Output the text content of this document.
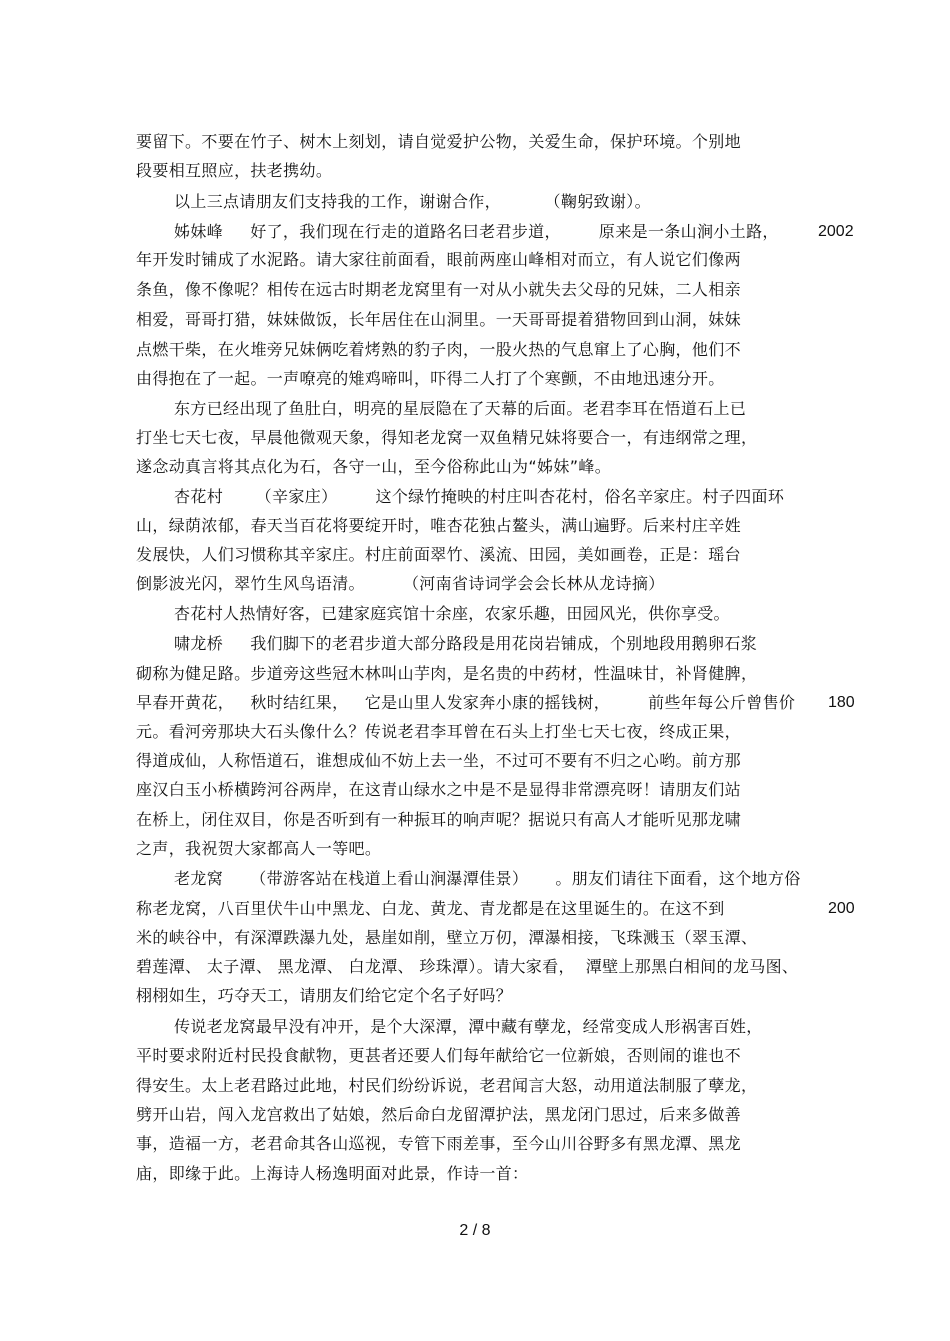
要留下。不要在竹子、树木上刻划，请自觉爱护公物，关爱生命，保护环境。个别地
段要相互照应，扶老携幼。
以上三点请朋友们支持我的工作，谢谢合作，        （鞠躬致谢）。
姊妹峰     好了，我们现在行走的道路名曰老君步道，       原来是一条山涧小土路， 2002
年开发时铺成了水泥路。请大家往前面看，眼前两座山峰相对而立，有人说它们像两
条鱼，像不像呢？相传在远古时期老龙窝里有一对从小就失去父母的兄妹，二人相亲
相爱，哥哥打猎，妹妹做饭，长年居住在山洞里。一天哥哥提着猎物回到山洞，妹妹
点燃干柴，在火堆旁兄妹俩吃着烤熟的豹子肉，一股火热的气息窜上了心胸，他们不
由得抱在了一起。一声嘹亮的雉鸡啼叫，吓得二人打了个寒颤，不由地迅速分开。
东方已经出现了鱼肚白，明亮的星辰隐在了天幕的后面。老君李耳在悟道石上已
打坐七天七夜，早晨他微观天象，得知老龙窝一双鱼精兄妹将要合一，有违纲常之理，
遂念动真言将其点化为石，各守一山，至今俗称此山为“姊妹”峰。
杏花村      （辛家庄）       这个绿竹掩映的村庄叫杏花村，俗名辛家庄。村子四面环
山，绿荫浓郁，春天当百花将要绽开时，唯杏花独占鳌头，满山遍野。后来村庄辛姓
发展快，人们习惯称其辛家庄。村庄前面翠竹、溪流、田园，美如画卷，正是：瑶台
倒影波光闪，翠竹生风鸟语清。       （河南省诗词学会会长林从龙诗摘）
杏花村人热情好客，已建家庭宾馆十余座，农家乐趣，田园风光，供你享受。
啸龙桥     我们脚下的老君步道大部分路段是用花岗岩铺成，个别地段用鹅卵石浆
砌称为健足路。步道旁这些冠木林叫山芋肉，是名贵的中药材，性温味甘，补肾健脾，
早春开黄花，   秋时结红果，   它是山里人发家奔小康的摇钱树，       前些年每公斤曾售价 180
元。看河旁那块大石头像什么？传说老君李耳曾在石头上打坐七天七夜，终成正果，
得道成仙，人称悟道石，谁想成仙不妨上去一坐，不过可不要有不归之心哟。前方那
座汉白玉小桥横跨河谷两岸，在这青山绿水之中是不是显得非常漂亮呀！请朋友们站
在桥上，闭住双目，你是否听到有一种振耳的响声呢？据说只有高人才能听见那龙啸
之声，我祝贺大家都高人一等吧。
老龙窝     （带游客站在栈道上看山涧瀑潭佳景）     。朋友们请往下面看，这个地方俗
称老龙窝，八百里伏牛山中黑龙、白龙、黄龙、青龙都是在这里诞生的。在这不到	200
米的峡谷中，有深潭跌瀑九处，悬崖如削，壁立万仞，潭瀑相接，飞珠溅玉（翠玉潭、
碧莲潭、 太子潭、 黑龙潭、 白龙潭、 珍珠潭）。请大家看，  潭壁上那黑白相间的龙马图、
栩栩如生，巧夺天工，请朋友们给它定个名子好吗？
传说老龙窝最早没有冲开，是个大深潭，潭中藏有孽龙，经常变成人形祸害百姓，
平时要求附近村民投食献物，更甚者还要人们每年献给它一位新娘，否则闹的谁也不
得安生。太上老君路过此地，村民们纷纷诉说，老君闻言大怒，动用道法制服了孽龙，
劈开山岩，闯入龙宫救出了姑娘，然后命白龙留潭护法，黑龙闭门思过，后来多做善
事，造福一方，老君命其各山巡视，专管下雨差事，至今山川谷野多有黑龙潭、黑龙
庙，即缘于此。上海诗人杨逸明面对此景，作诗一首：
2 / 8
